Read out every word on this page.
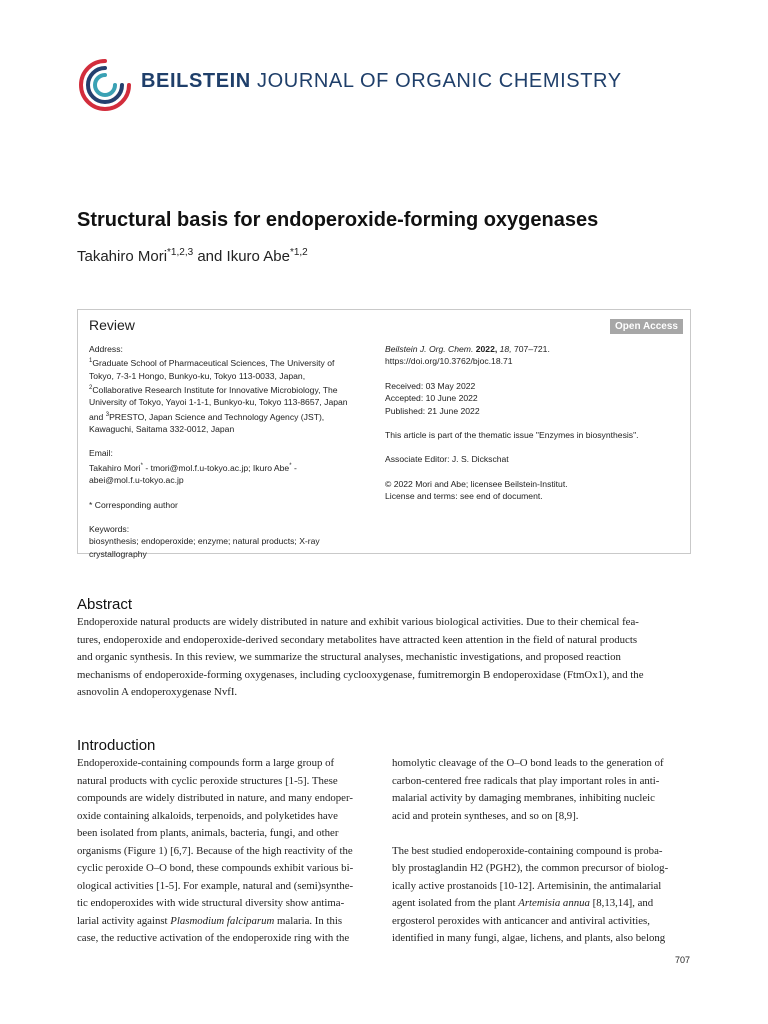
BEILSTEIN JOURNAL OF ORGANIC CHEMISTRY
Structural basis for endoperoxide-forming oxygenases
Takahiro Mori$^{*1,2,3}$ and Ikuro Abe$^{*1,2}$
Review	Open Access
Address:
$^1$Graduate School of Pharmaceutical Sciences, The University of
Tokyo, 7-3-1 Hongo, Bunkyo-ku, Tokyo 113-0033, Japan,
$^2$Collaborative Research Institute for Innovative Microbiology, The
University of Tokyo, Yayoi 1-1-1, Bunkyo-ku, Tokyo 113-8657, Japan
and $^3$PRESTO, Japan Science and Technology Agency (JST),
Kawaguchi, Saitama 332-0012, Japan
Email:
Takahiro Mori* - tmori@mol.f.u-tokyo.ac.jp; Ikuro Abe* -
abei@mol.f.u-tokyo.ac.jp
* Corresponding author
Keywords:
biosynthesis; endoperoxide; enzyme; natural products; X-ray
crystallography
Beilstein J. Org. Chem. 2022, 18, 707–721.
https://doi.org/10.3762/bjoc.18.71
Received: 03 May 2022
Accepted: 10 June 2022
Published: 21 June 2022
This article is part of the thematic issue "Enzymes in biosynthesis".
Associate Editor: J. S. Dickschat
© 2022 Mori and Abe; licensee Beilstein-Institut.
License and terms: see end of document.
Abstract
Endoperoxide natural products are widely distributed in nature and exhibit various biological activities. Due to their chemical fea-
tures, endoperoxide and endoperoxide-derived secondary metabolites have attracted keen attention in the field of natural products
and organic synthesis. In this review, we summarize the structural analyses, mechanistic investigations, and proposed reaction
mechanisms of endoperoxide-forming oxygenases, including cyclooxygenase, fumitremorgin B endoperoxidase (FtmOx1), and the
asnovolin A endoperoxygenase NvfI.
Introduction
Endoperoxide-containing compounds form a large group of
natural products with cyclic peroxide structures [1-5]. These
compounds are widely distributed in nature, and many endoper-
oxide containing alkaloids, terpenoids, and polyketides have
been isolated from plants, animals, bacteria, fungi, and other
organisms (Figure 1) [6,7]. Because of the high reactivity of the
cyclic peroxide O–O bond, these compounds exhibit various bi-
ological activities [1-5]. For example, natural and (semi)synthe-
tic endoperoxides with wide structural diversity show antima-
larial activity against Plasmodium falciparum malaria. In this
case, the reductive activation of the endoperoxide ring with the
homolytic cleavage of the O–O bond leads to the generation of
carbon-centered free radicals that play important roles in anti-
malarial activity by damaging membranes, inhibiting nucleic
acid and protein syntheses, and so on [8,9].
The best studied endoperoxide-containing compound is proba-
bly prostaglandin H2 (PGH2), the common precursor of biolog-
ically active prostanoids [10-12]. Artemisinin, the antimalarial
agent isolated from the plant Artemisia annua [8,13,14], and
ergosterol peroxides with anticancer and antiviral activities,
identified in many fungi, algae, lichens, and plants, also belong
707
